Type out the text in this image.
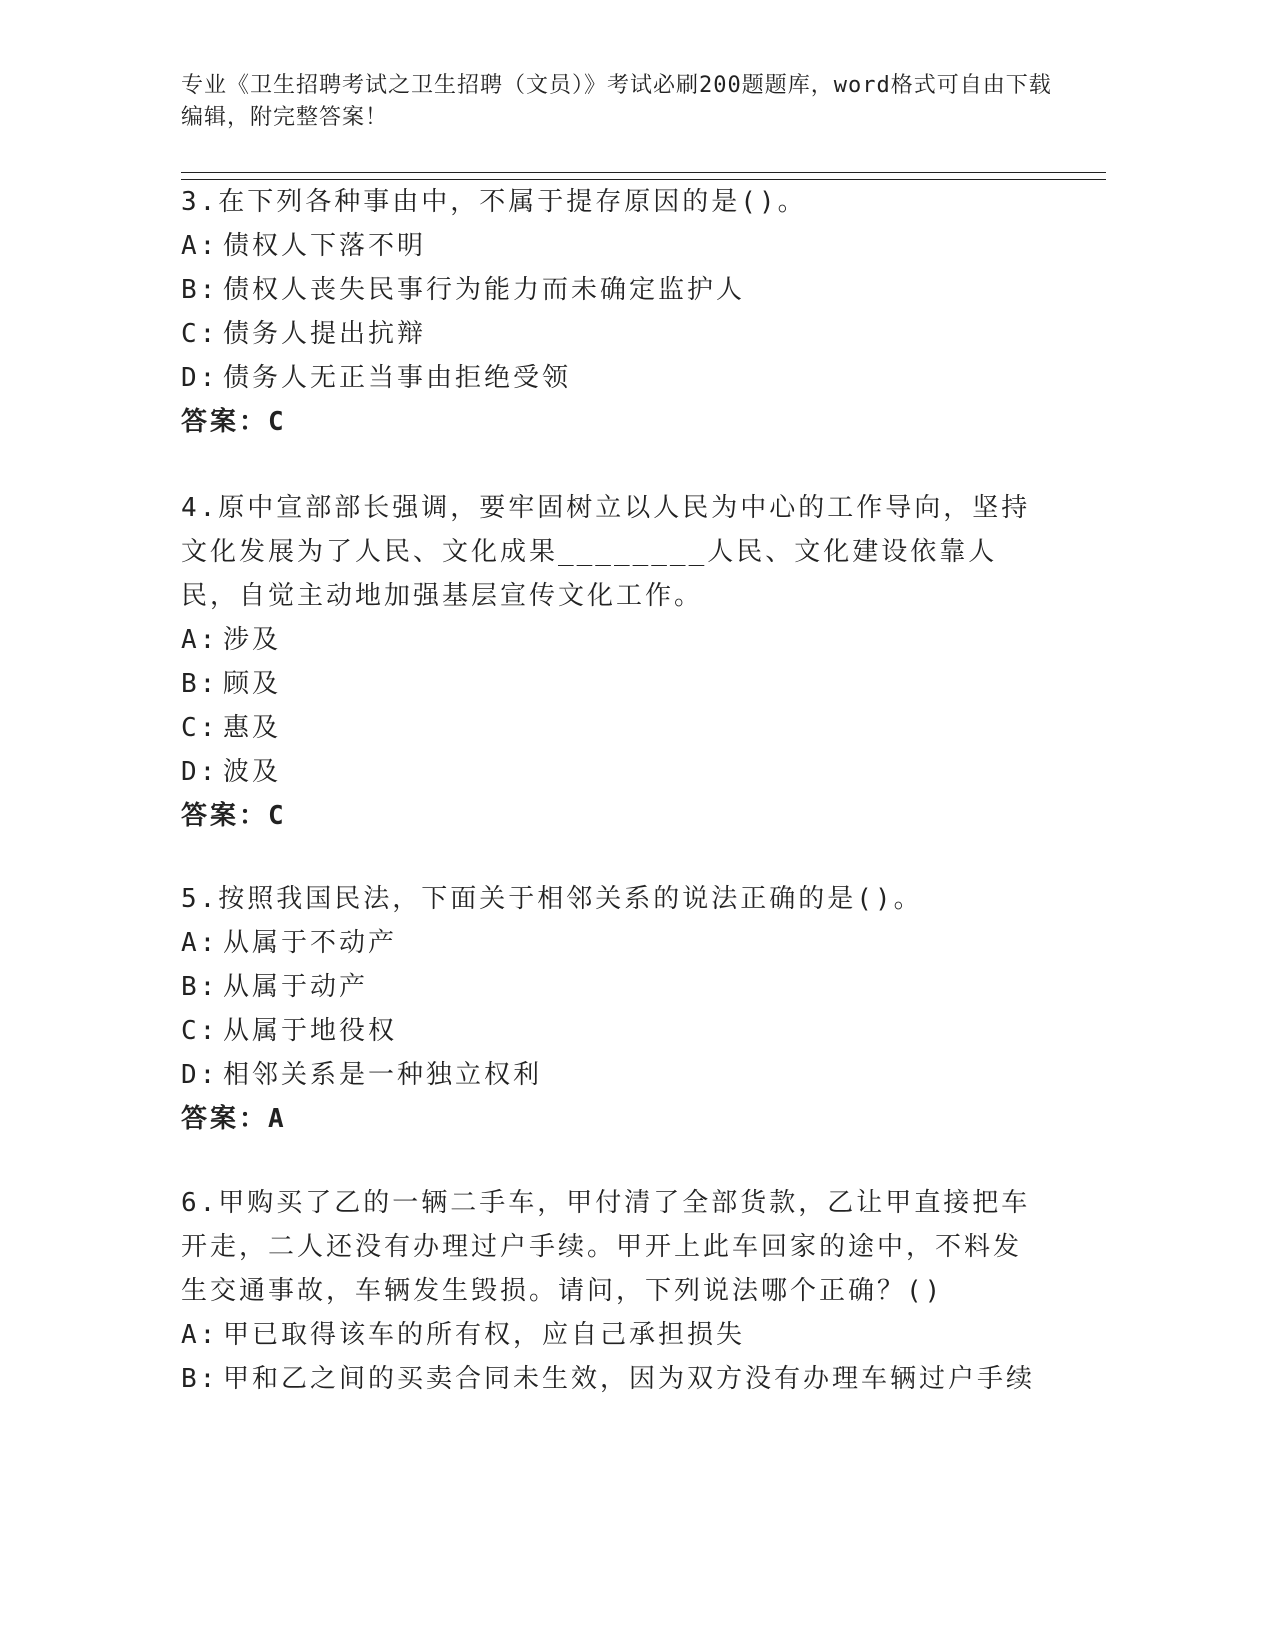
专业《卫生招聘考试之卫生招聘（文员）》考试必刷200题题库，word格式可自由下载编辑，附完整答案！

3.在下列各种事由中，不属于提存原因的是()。

A: 债权人下落不明
B: 债权人丧失民事行为能力而未确定监护人
C: 债务人提出抗辩
D: 债务人无正当事由拒绝受领
答案：C

4.原中宣部部长强调，要牢固树立以人民为中心的工作导向，坚持文化发展为了人民、文化成果________人民、文化建设依靠人民，自觉主动地加强基层宣传文化工作。

A: 涉及
B: 顾及
C: 惠及
D: 波及
答案：C

5.按照我国民法，下面关于相邻关系的说法正确的是()。

A: 从属于不动产
B: 从属于动产
C: 从属于地役权
D: 相邻关系是一种独立权利
答案：A

6.甲购买了乙的一辆二手车，甲付清了全部货款，乙让甲直接把车开走，二人还没有办理过户手续。甲开上此车回家的途中，不料发生交通事故，车辆发生毁损。请问，下列说法哪个正确？()

A: 甲已取得该车的所有权，应自己承担损失
B: 甲和乙之间的买卖合同未生效，因为双方没有办理车辆过户手续
